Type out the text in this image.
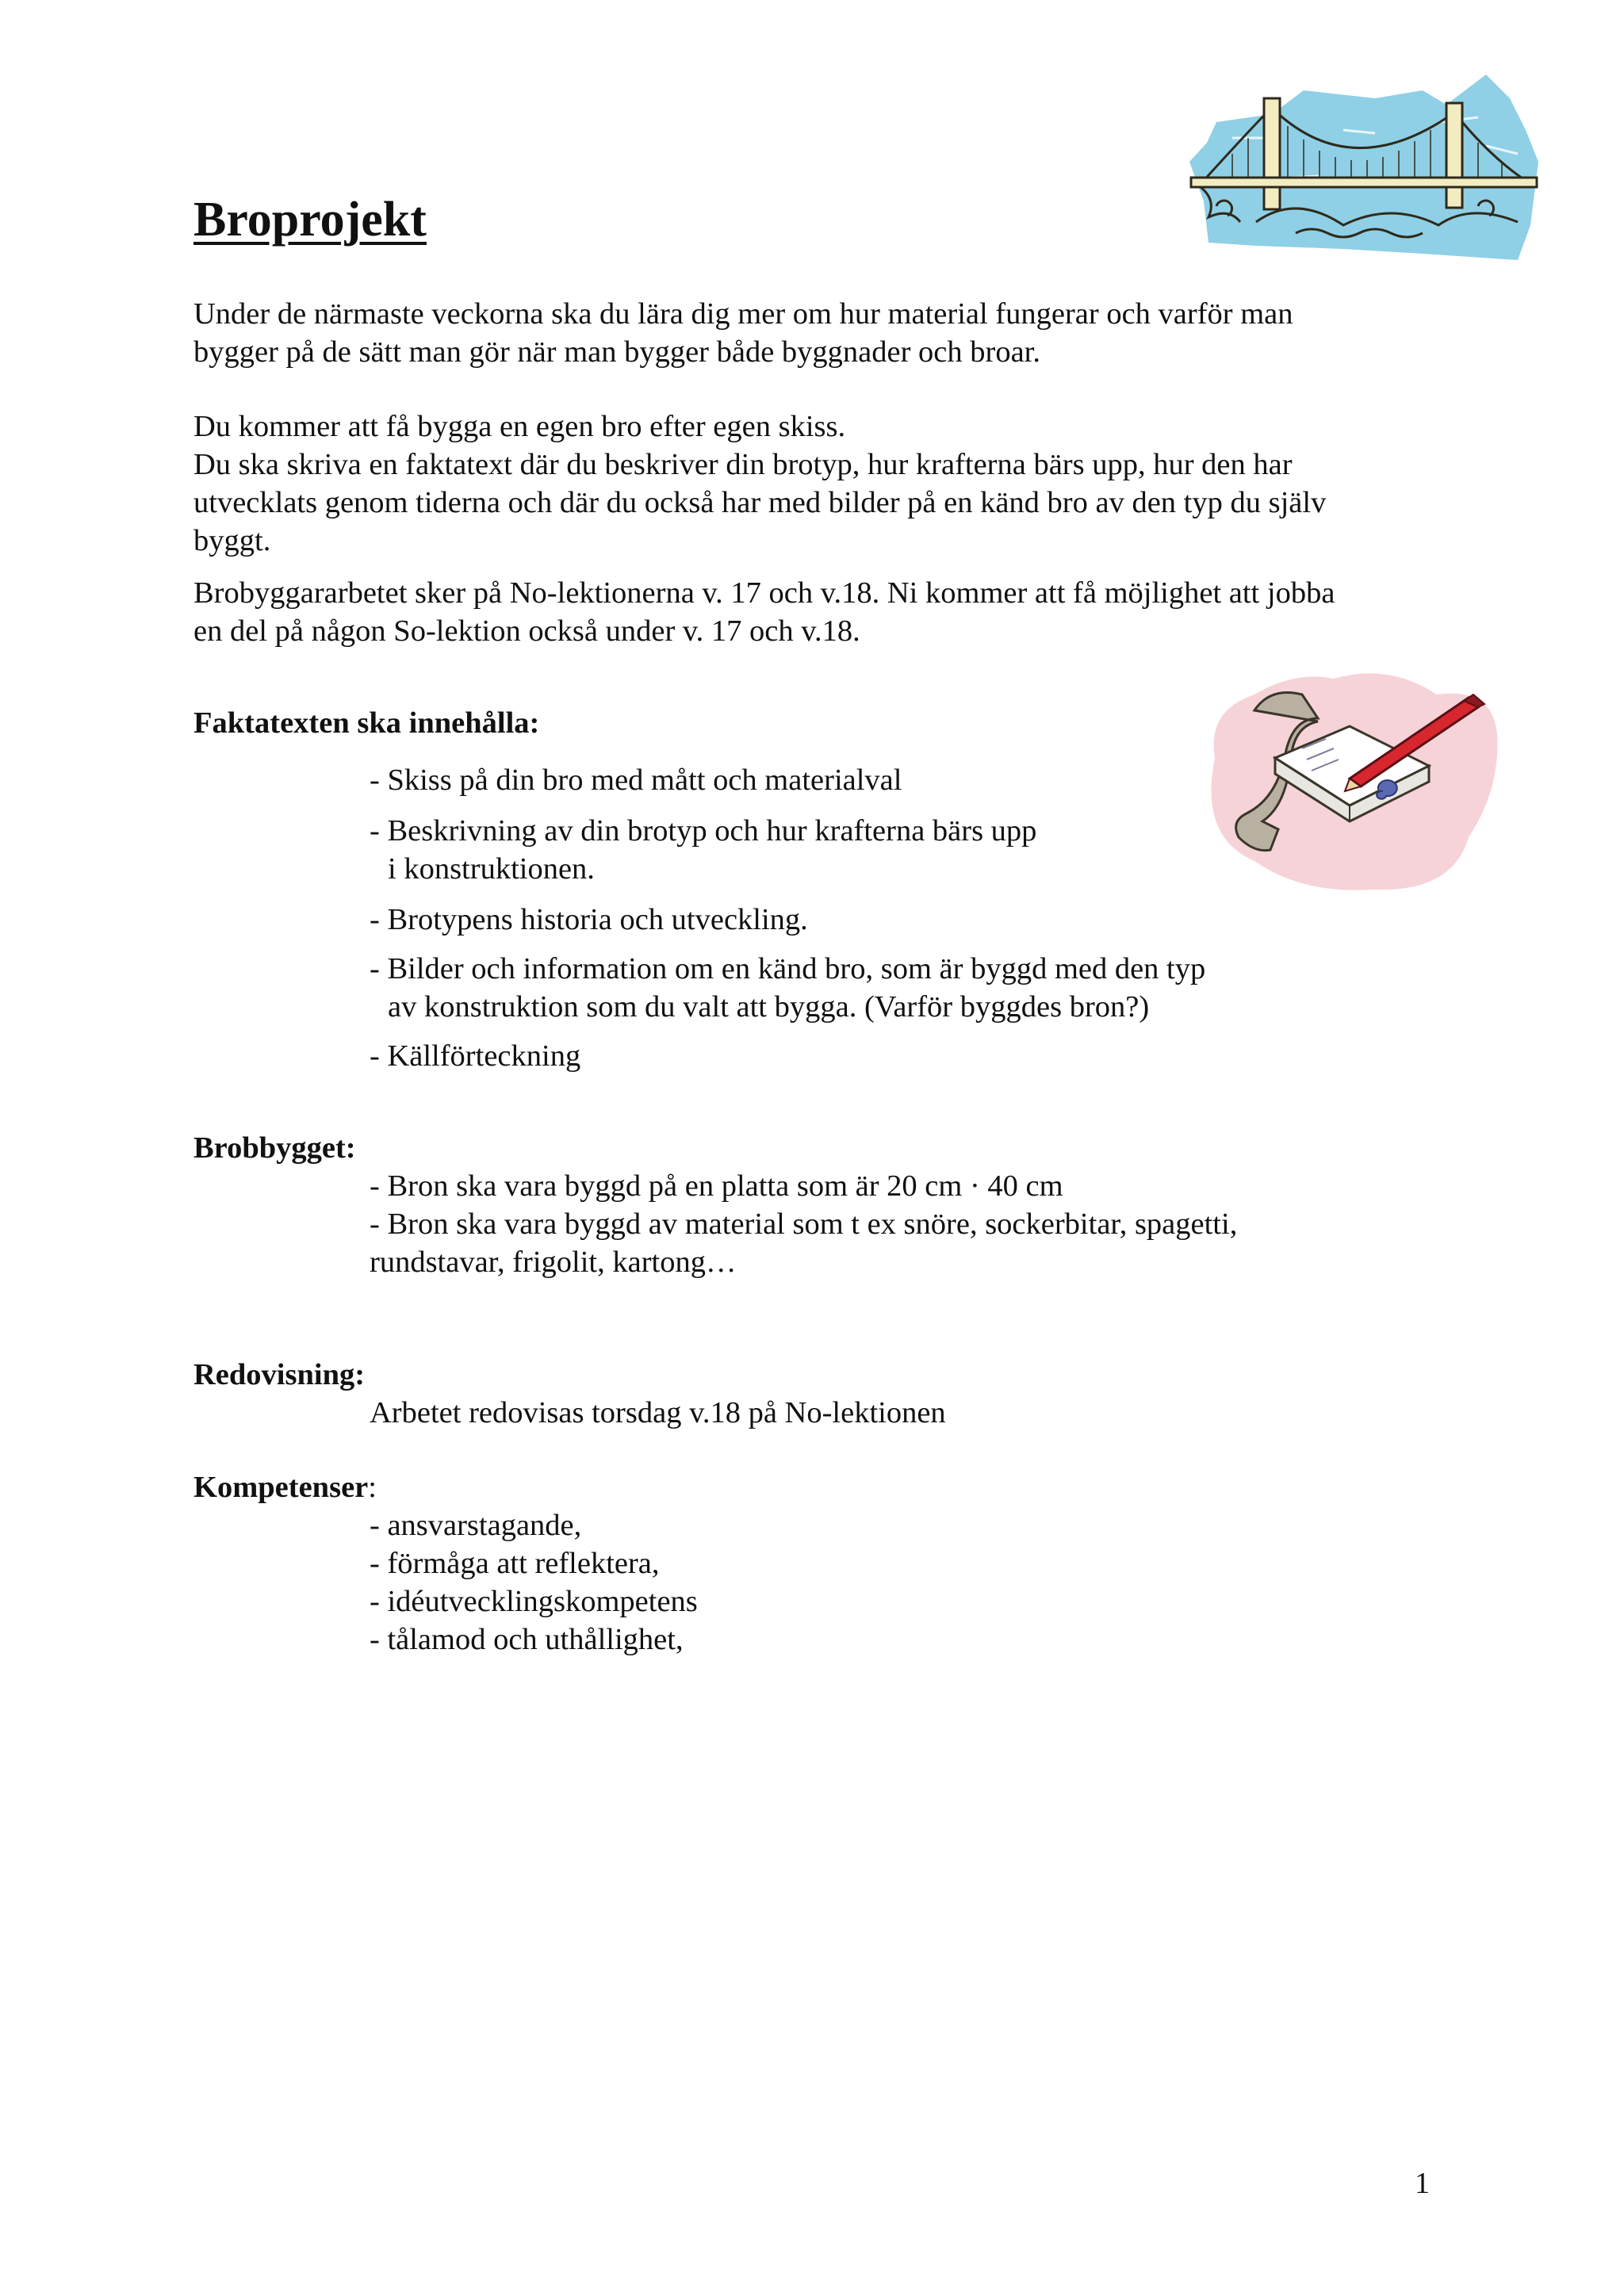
Broprojekt

Under de närmaste veckorna ska du lära dig mer om hur material fungerar och varför man

bygger på de sätt man gör när man bygger både byggnader och broar.

Du kommer att få bygga en egen bro efter egen skiss.

Du ska skriva en faktatext där du beskriver din brotyp, hur krafterna bärs upp, hur den har

utvecklats genom tiderna och där du också har med bilder på en känd bro av den typ du själv

byggt.

Brobyggararbetet sker på No-lektionerna v. 17 och v.18. Ni kommer att få möjlighet att jobba

en del på någon So-lektion också under v. 17 och v.18.

Faktatexten ska innehålla:

- Skiss på din bro med mått och materialval

- Beskrivning av din brotyp och hur krafterna bärs upp
i konstruktionen.

- Brotypens historia och utveckling.

- Bilder och information om en känd bro, som är byggd med den typ
av konstruktion som du valt att bygga. (Varför byggdes bron?)

- Källförteckning

Brobbygget:

- Bron ska vara byggd på en platta som är 20 cm · 40 cm

- Bron ska vara byggd av material som t ex snöre, sockerbitar, spagetti,

rundstavar, frigolit, kartong…

Redovisning:

Arbetet redovisas torsdag v.18 på No-lektionen

Kompetenser:

- ansvarstagande,

- förmåga att reflektera,

- idéutvecklingskompetens

- tålamod och uthållighet,

1
